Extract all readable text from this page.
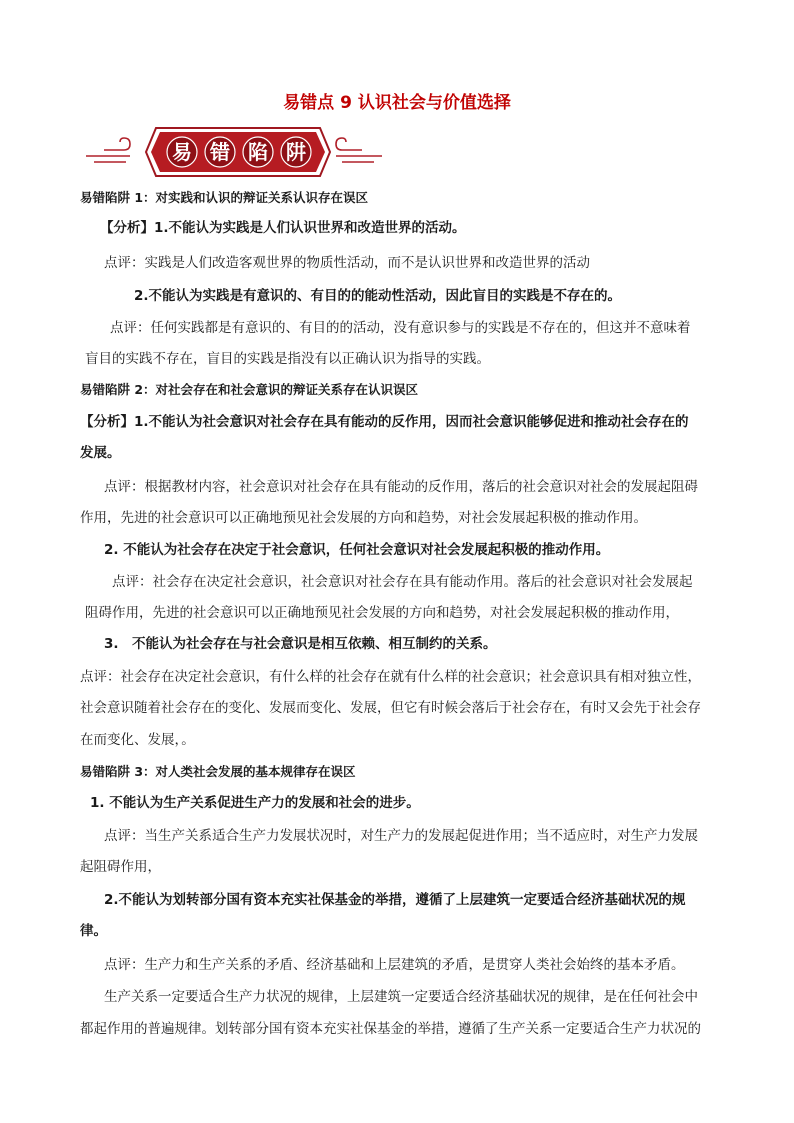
易错点 9 认识社会与价值选择
易 错 陷 阱
易错陷阱 1：对实践和认识的辩证关系认识存在误区
【分析】1.不能认为实践是人们认识世界和改造世界的活动。
点评：实践是人们改造客观世界的物质性活动，而不是认识世界和改造世界的活动
2.不能认为实践是有意识的、有目的的能动性活动，因此盲目的实践是不存在的。
点评：任何实践都是有意识的、有目的的活动，没有意识参与的实践是不存在的，但这并不意味着
盲目的实践不存在，盲目的实践是指没有以正确认识为指导的实践。
易错陷阱 2：对社会存在和社会意识的辩证关系存在认识误区
【分析】1.不能认为社会意识对社会存在具有能动的反作用，因而社会意识能够促进和推动社会存在的
发展。
点评：根据教材内容，社会意识对社会存在具有能动的反作用，落后的社会意识对社会的发展起阻碍
作用，先进的社会意识可以正确地预见社会发展的方向和趋势，对社会发展起积极的推动作用。
2. 不能认为社会存在决定于社会意识，任何社会意识对社会发展起积极的推动作用。
点评：社会存在决定社会意识，社会意识对社会存在具有能动作用。落后的社会意识对社会发展起
阻碍作用，先进的社会意识可以正确地预见社会发展的方向和趋势，对社会发展起积极的推动作用，
3.　不能认为社会存在与社会意识是相互依赖、相互制约的关系。
点评：社会存在决定社会意识，有什么样的社会存在就有什么样的社会意识；社会意识具有相对独立性，
社会意识随着社会存在的变化、发展而变化、发展，但它有时候会落后于社会存在，有时又会先于社会存
在而变化、发展，。
易错陷阱 3：对人类社会发展的基本规律存在误区
1. 不能认为生产关系促进生产力的发展和社会的进步。
点评：当生产关系适合生产力发展状况时，对生产力的发展起促进作用；当不适应时，对生产力发展
起阻碍作用，
2.不能认为划转部分国有资本充实社保基金的举措，遵循了上层建筑一定要适合经济基础状况的规
律。
点评：生产力和生产关系的矛盾、经济基础和上层建筑的矛盾，是贯穿人类社会始终的基本矛盾。
生产关系一定要适合生产力状况的规律，上层建筑一定要适合经济基础状况的规律，是在任何社会中
都起作用的普遍规律。划转部分国有资本充实社保基金的举措，遵循了生产关系一定要适合生产力状况的
